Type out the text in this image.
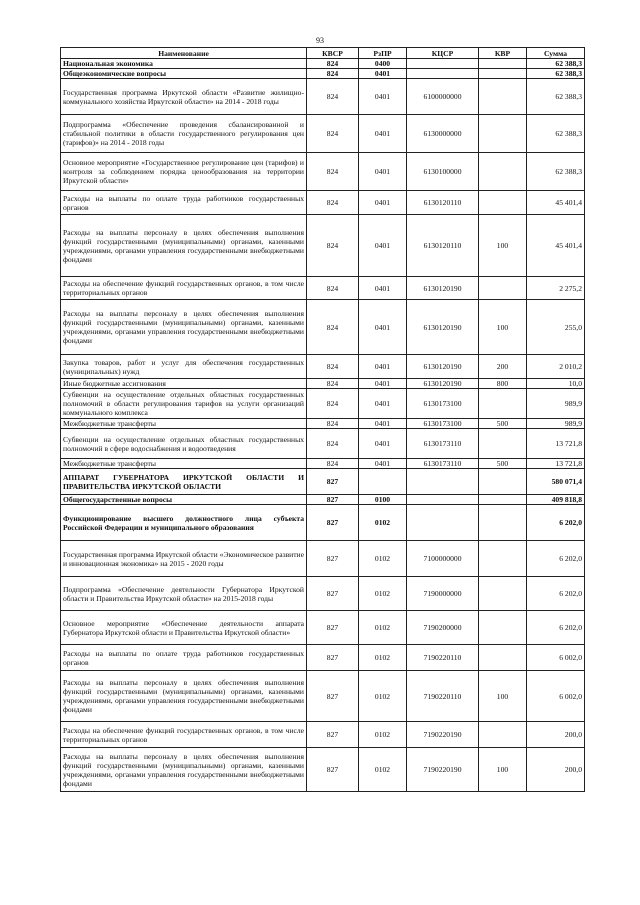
93
Наименование	КВСР	РзПР	КЦСР	КВР	Сумма
Национальная экономика	824	0400			62 388,3
Общеэкономические вопросы	824	0401			62 388,3
Государственная программа Иркутской области «Развитие жилищно-коммунального хозяйства Иркутской области» на 2014 - 2018 годы	824	0401	6100000000		62 388,3
Подпрограмма «Обеспечение проведения сбалансированной и стабильной политики в области государственного регулирования цен (тарифов)» на 2014 - 2018 годы	824	0401	6130000000		62 388,3
Основное мероприятие «Государственное регулирование цен (тарифов) и контроля за соблюдением порядка ценообразования на территории Иркутской области»	824	0401	6130100000		62 388,3
Расходы на выплаты по оплате труда работников государственных органов	824	0401	6130120110		45 401,4
Расходы на выплаты персоналу в целях обеспечения выполнения функций государственными (муниципальными) органами, казенными учреждениями, органами управления государственными внебюджетными фондами	824	0401	6130120110	100	45 401,4
Расходы на обеспечение функций государственных органов, в том числе территориальных органов	824	0401	6130120190		2 275,2
Расходы на выплаты персоналу в целях обеспечения выполнения функций государственными (муниципальными) органами, казенными учреждениями, органами управления государственными внебюджетными фондами	824	0401	6130120190	100	255,0
Закупка товаров, работ и услуг для обеспечения государственных (муниципальных) нужд	824	0401	6130120190	200	2 010,2
Иные бюджетные ассигнования	824	0401	6130120190	800	10,0
Субвенции на осуществление отдельных областных государственных полномочий в области регулирования тарифов на услуги организаций коммунального комплекса	824	0401	6130173100		989,9
Межбюджетные трансферты	824	0401	6130173100	500	989,9
Субвенции на осуществление отдельных областных государственных полномочий в сфере водоснабжения и водоотведения	824	0401	6130173110		13 721,8
Межбюджетные трансферты	824	0401	6130173110	500	13 721,8
АППАРАТ ГУБЕРНАТОРА ИРКУТСКОЙ ОБЛАСТИ И ПРАВИТЕЛЬСТВА ИРКУТСКОЙ ОБЛАСТИ	827				580 071,4
Общегосударственные вопросы	827	0100			409 818,8
Функционирование высшего должностного лица субъекта Российской Федерации и муниципального образования	827	0102			6 202,0
Государственная программа Иркутской области «Экономическое развитие и инновационная экономика» на 2015 - 2020 годы	827	0102	7100000000		6 202,0
Подпрограмма «Обеспечение деятельности Губернатора Иркутской области и Правительства Иркутской области» на 2015-2018 годы	827	0102	7190000000		6 202,0
Основное мероприятие «Обеспечение деятельности аппарата Губернатора Иркутской области и Правительства Иркутской области»	827	0102	7190200000		6 202,0
Расходы на выплаты по оплате труда работников государственных органов	827	0102	7190220110		6 002,0
Расходы на выплаты персоналу в целях обеспечения выполнения функций государственными (муниципальными) органами, казенными учреждениями, органами управления государственными внебюджетными фондами	827	0102	7190220110	100	6 002,0
Расходы на обеспечение функций государственных органов, в том числе территориальных органов	827	0102	7190220190		200,0
Расходы на выплаты персоналу в целях обеспечения выполнения функций государственными (муниципальными) органами, казенными учреждениями, органами управления государственными внебюджетными фондами	827	0102	7190220190	100	200,0
